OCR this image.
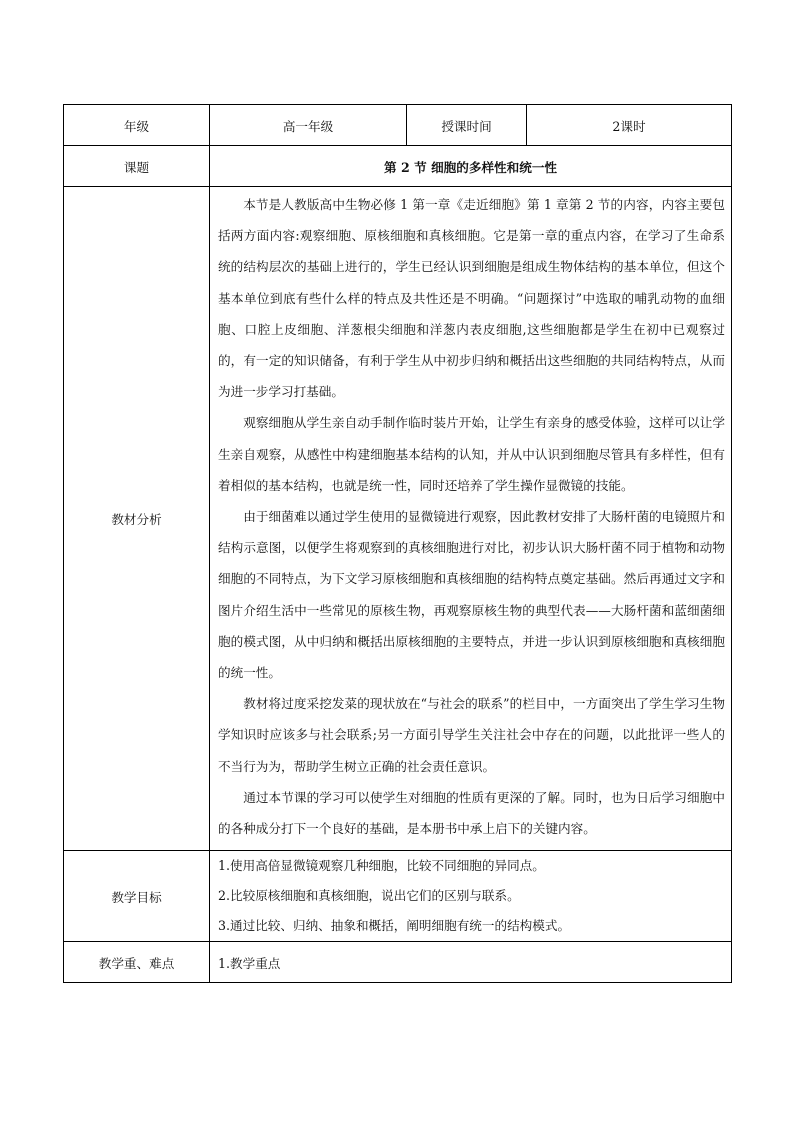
年级	高一年级	授课时间	2课时
课题	第 2 节 细胞的多样性和统一性		
教材分析	本节是人教版高中生物必修 1 第一章《走近细胞》第 1 章第 2 节的内容，内容主要包括两方面内容:观察细胞、原核细胞和真核细胞。它是第一章的重点内容，在学习了生命系统的结构层次的基础上进行的，学生已经认识到细胞是组成生物体结构的基本单位，但这个基本单位到底有些什么样的特点及共性还是不明确。“问题探讨”中选取的哺乳动物的血细胞、口腔上皮细胞、洋葱根尖细胞和洋葱内表皮细胞,这些细胞都是学生在初中已观察过的，有一定的知识储备，有利于学生从中初步归纳和概括出这些细胞的共同结构特点，从而为进一步学习打基础。

观察细胞从学生亲自动手制作临时装片开始，让学生有亲身的感受体验，这样可以让学生亲自观察，从感性中构建细胞基本结构的认知，并从中认识到细胞尽管具有多样性，但有着相似的基本结构，也就是统一性，同时还培养了学生操作显微镜的技能。

由于细菌难以通过学生使用的显微镜进行观察，因此教材安排了大肠杆菌的电镜照片和结构示意图，以便学生将观察到的真核细胞进行对比，初步认识大肠杆菌不同于植物和动物细胞的不同特点，为下文学习原核细胞和真核细胞的结构特点奠定基础。然后再通过文字和图片介绍生活中一些常见的原核生物，再观察原核生物的典型代表——大肠杆菌和蓝细菌细胞的模式图，从中归纳和概括出原核细胞的主要特点，并进一步认识到原核细胞和真核细胞的统一性。

教材将过度采挖发菜的现状放在“与社会的联系”的栏目中，一方面突出了学生学习生物学知识时应该多与社会联系;另一方面引导学生关注社会中存在的问题，以此批评一些人的不当行为为，帮助学生树立正确的社会责任意识。

通过本节课的学习可以使学生对细胞的性质有更深的了解。同时，也为日后学习细胞中的各种成分打下一个良好的基础，是本册书中承上启下的关键内容。		

教学目标	1.使用高倍显微镜观察几种细胞，比较不同细胞的异同点。
2.比较原核细胞和真核细胞，说出它们的区别与联系。
3.通过比较、归纳、抽象和概括，阐明细胞有统一的结构模式。		

教学重、难点	1.教学重点		
